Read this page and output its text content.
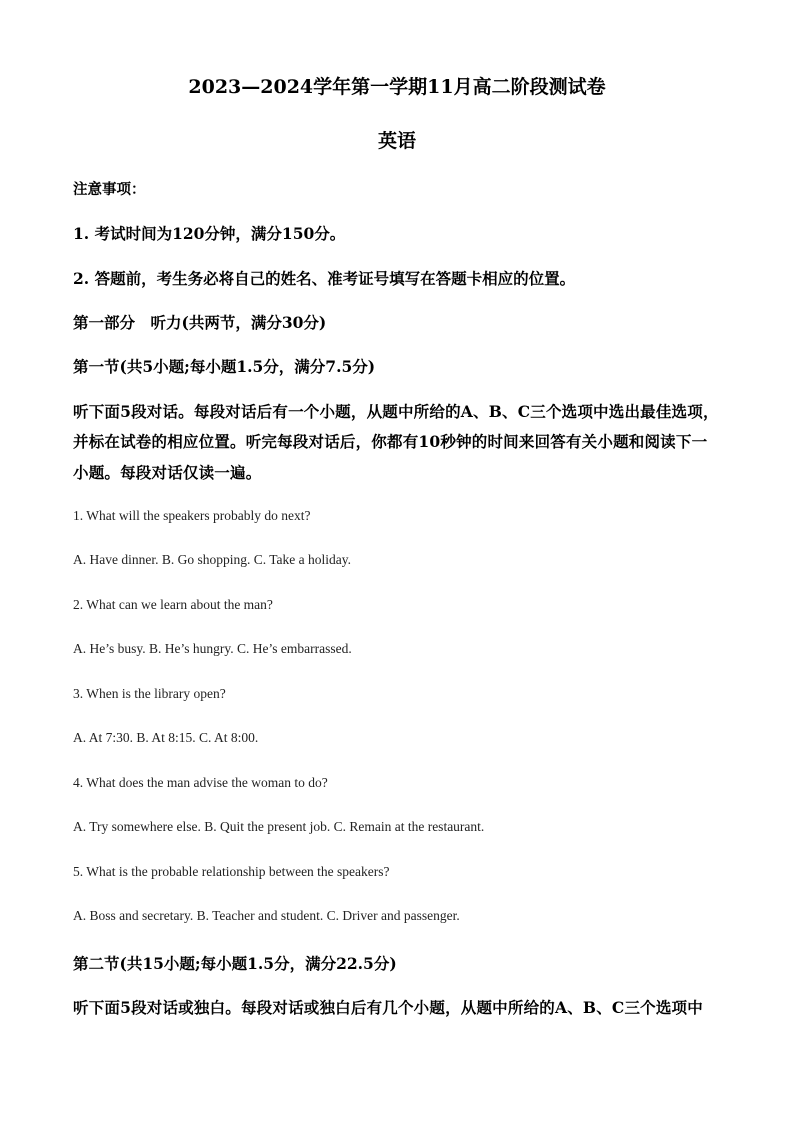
2023—2024学年第一学期11月高二阶段测试卷
英语
注意事项：
1. 考试时间为120分钟，满分150分。
2. 答题前，考生务必将自己的姓名、准考证号填写在答题卡相应的位置。
第一部分　听力(共两节，满分30分)
第一节(共5小题;每小题1.5分，满分7.5分)
听下面5段对话。每段对话后有一个小题，从题中所给的A、B、C三个选项中选出最佳选项，
并标在试卷的相应位置。听完每段对话后，你都有10秒钟的时间来回答有关小题和阅读下一
小题。每段对话仅读一遍。
1. What will the speakers probably do next?
A. Have dinner. B. Go shopping. C. Take a holiday.
2. What can we learn about the man?
A. He’s busy. B. He’s hungry. C. He’s embarrassed.
3. When is the library open?
A. At 7:30. B. At 8:15. C. At 8:00.
4. What does the man advise the woman to do?
A. Try somewhere else. B. Quit the present job. C. Remain at the restaurant.
5. What is the probable relationship between the speakers?
A. Boss and secretary. B. Teacher and student. C. Driver and passenger.
第二节(共15小题;每小题1.5分，满分22.5分)
听下面5段对话或独白。每段对话或独白后有几个小题，从题中所给的A、B、C三个选项中
